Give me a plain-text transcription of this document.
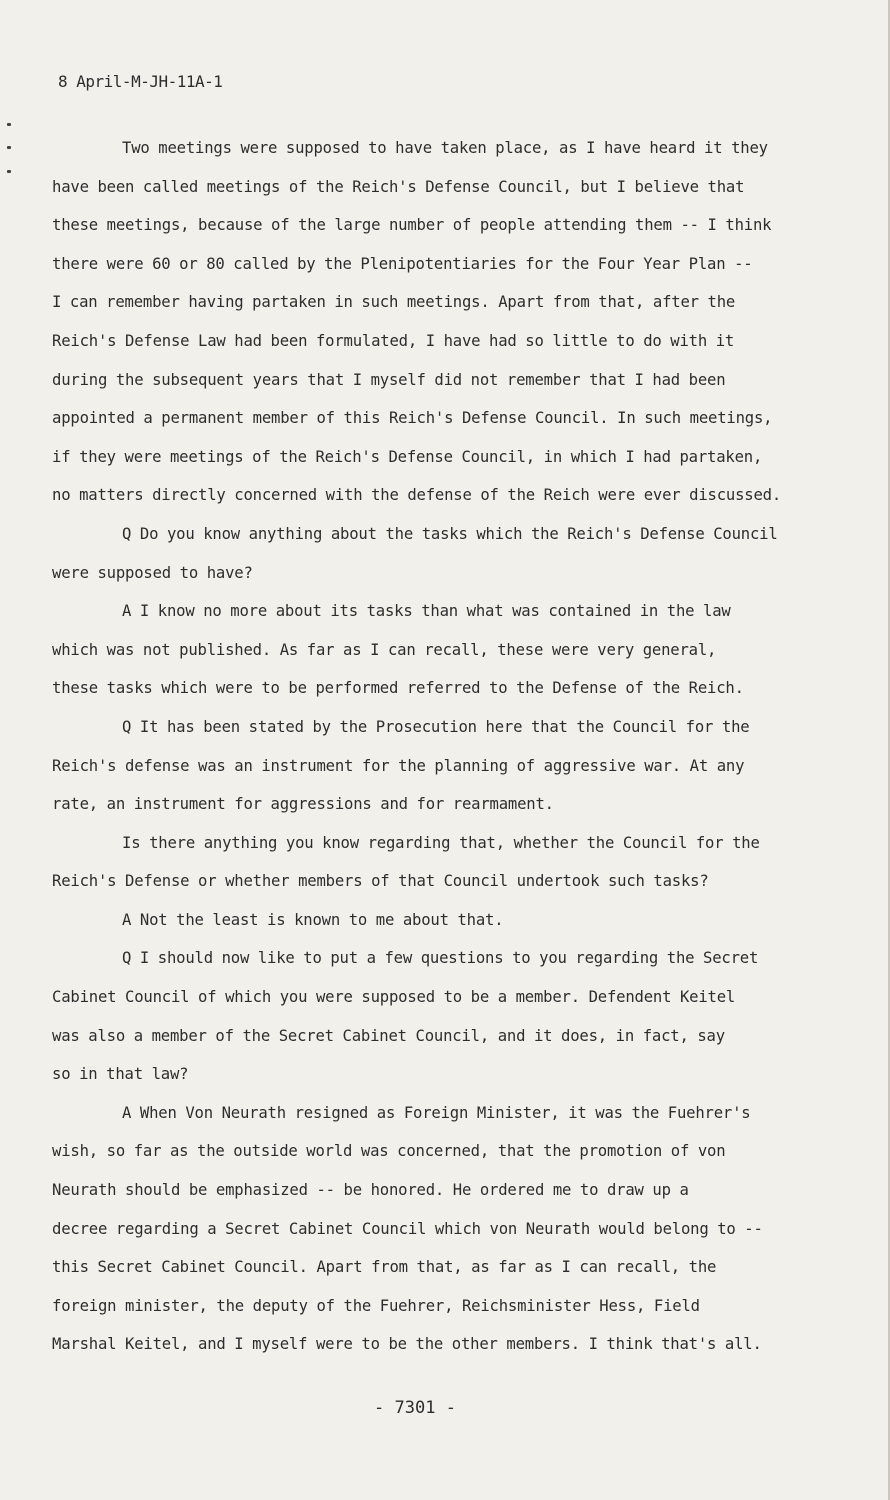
8 April-M-JH-11A-1
Two meetings were supposed to have taken place, as I have heard it they
have been called meetings of the Reich's Defense Council, but I believe that
these meetings, because of the large number of people attending them -- I think
there were 60 or 80 called by the Plenipotentiaries for the Four Year Plan --
I can remember having partaken in such meetings. Apart from that, after the
Reich's Defense Law had been formulated, I have had so little to do with it
during the subsequent years that I myself did not remember that I had been
appointed a permanent member of this Reich's Defense Council. In such meetings,
if they were meetings of the Reich's Defense Council, in which I had partaken,
no matters directly concerned with the defense of the Reich were ever discussed.
Q Do you know anything about the tasks which the Reich's Defense Council
were supposed to have?
A I know no more about its tasks than what was contained in the law
which was not published. As far as I can recall, these were very general,
these tasks which were to be performed referred to the Defense of the Reich.
Q It has been stated by the Prosecution here that the Council for the
Reich's defense was an instrument for the planning of aggressive war. At any
rate, an instrument for aggressions and for rearmament.
Is there anything you know regarding that, whether the Council for the
Reich's Defense or whether members of that Council undertook such tasks?
A Not the least is known to me about that.
Q I should now like to put a few questions to you regarding the Secret
Cabinet Council of which you were supposed to be a member. Defendent Keitel
was also a member of the Secret Cabinet Council, and it does, in fact, say
so in that law?
A When Von Neurath resigned as Foreign Minister, it was the Fuehrer's
wish, so far as the outside world was concerned, that the promotion of von
Neurath should be emphasized -- be honored. He ordered me to draw up a
decree regarding a Secret Cabinet Council which von Neurath would belong to --
this Secret Cabinet Council. Apart from that, as far as I can recall, the
foreign minister, the deputy of the Fuehrer, Reichsminister Hess, Field
Marshal Keitel, and I myself were to be the other members. I think that's all.
- 7301 -
